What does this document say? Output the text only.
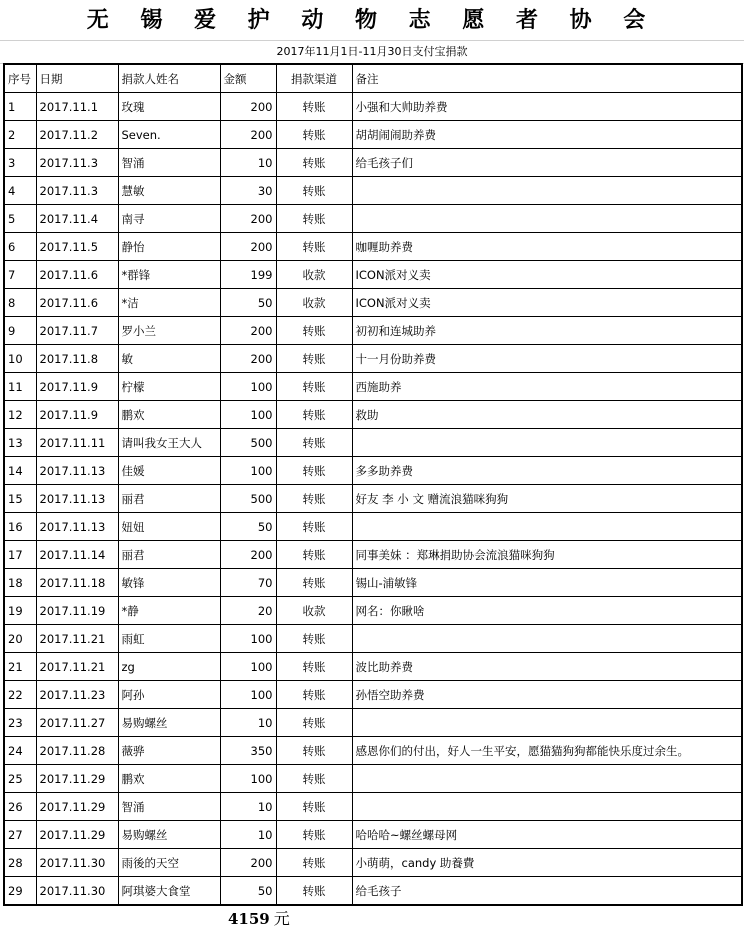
无 锡 爱 护 动 物 志 愿 者 协 会
2017年11月1日-11月30日支付宝捐款
序号	日期	捐款人姓名	金额	捐款渠道	备注
1	2017.11.1	玫瑰	200	转账	小强和大帅助养费
2	2017.11.2	Seven.	200	转账	胡胡闹闹助养费
3	2017.11.3	智涌	10	转账	给毛孩子们
4	2017.11.3	慧敏	30	转账	
5	2017.11.4	南寻	200	转账	
6	2017.11.5	静怡	200	转账	咖喱助养费
7	2017.11.6	*群锋	199	收款	ICON派对义卖
8	2017.11.6	*洁	50	收款	ICON派对义卖
9	2017.11.7	罗小兰	200	转账	初初和连城助养
10	2017.11.8	敏	200	转账	十一月份助养费
11	2017.11.9	柠檬	100	转账	西施助养
12	2017.11.9	鹏欢	100	转账	救助
13	2017.11.11	请叫我女王大人	500	转账	
14	2017.11.13	佳媛	100	转账	多多助养费
15	2017.11.13	丽君	500	转账	好友 李 小 文 赠流浪猫咪狗狗
16	2017.11.13	妞妞	50	转账	
17	2017.11.14	丽君	200	转账	同事美妹 ：郑琳捐助协会流浪猫咪狗狗
18	2017.11.18	敏锋	70	转账	锡山-浦敏锋
19	2017.11.19	*静	20	收款	网名：你瞅啥
20	2017.11.21	雨虹	100	转账	
21	2017.11.21	zg	100	转账	波比助养费
22	2017.11.23	阿孙	100	转账	孙悟空助养费
23	2017.11.27	易购螺丝	10	转账	
24	2017.11.28	薇骅	350	转账	感恩你们的付出，好人一生平安，愿猫猫狗狗都能快乐度过余生。
25	2017.11.29	鹏欢	100	转账	
26	2017.11.29	智涌	10	转账	
27	2017.11.29	易购螺丝	10	转账	哈哈哈~螺丝螺母网
28	2017.11.30	雨後的天空	200	转账	小萌萌，candy 助養費
29	2017.11.30	阿琪婆大食堂	50	转账	给毛孩子
4159 元
